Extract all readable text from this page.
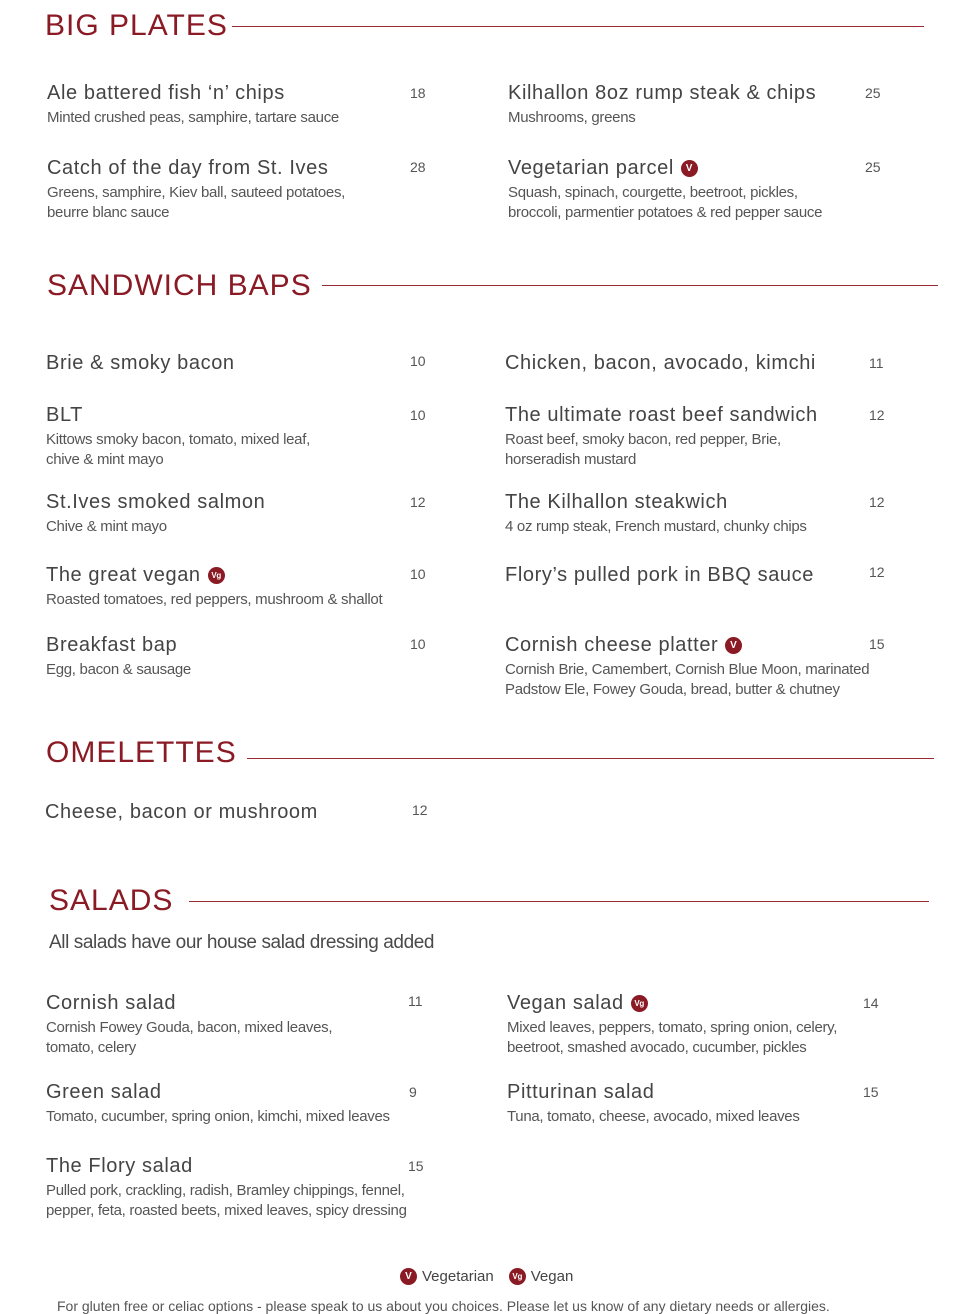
BIG PLATES
Ale battered fish ‘n’ chips
Minted crushed peas, samphire, tartare sauce
18
Catch of the day from St. Ives
Greens, samphire, Kiev ball, sauteed potatoes,
beurre blanc sauce
28
Kilhallon 8oz rump steak & chips
Mushrooms, greens
25
Vegetarian parcel	V
Squash, spinach, courgette, beetroot, pickles,
broccoli, parmentier potatoes & red pepper sauce
25
SANDWICH BAPS
Brie & smoky bacon	10
BLT
Kittows smoky bacon, tomato, mixed leaf,
chive & mint mayo
10
St.Ives smoked salmon
Chive & mint mayo
12
The great vegan	Vg
Roasted tomatoes, red peppers, mushroom & shallot
10
Breakfast bap
Egg, bacon & sausage
10
Chicken, bacon, avocado, kimchi	11
The ultimate roast beef sandwich
Roast beef, smoky bacon, red pepper, Brie,
horseradish mustard
12
The Kilhallon steakwich
4 oz rump steak, French mustard, chunky chips
12
Flory’s pulled pork in BBQ sauce	12
Cornish cheese platter	V
Cornish Brie, Camembert, Cornish Blue Moon, marinated
Padstow Ele, Fowey Gouda, bread, butter & chutney
15
OMELETTES
Cheese, bacon or mushroom	12
SALADS

All salads have our house salad dressing added

Cornish salad
Cornish Fowey Gouda, bacon, mixed leaves,
tomato, celery
11
Green salad
Tomato, cucumber, spring onion, kimchi, mixed leaves
9
The Flory salad
Pulled pork, crackling, radish, Bramley chippings, fennel,
pepper, feta, roasted beets, mixed leaves, spicy dressing
15
Vegan salad	Vg
Mixed leaves, peppers, tomato, spring onion, celery,
beetroot, smashed avocado, cucumber, pickles
14
Pitturinan salad
Tuna, tomato, cheese, avocado, mixed leaves
15
V Vegetarian	Vg Vegan

For gluten free or celiac options - please speak to us about you choices. Please let us know of any dietary needs or allergies.
